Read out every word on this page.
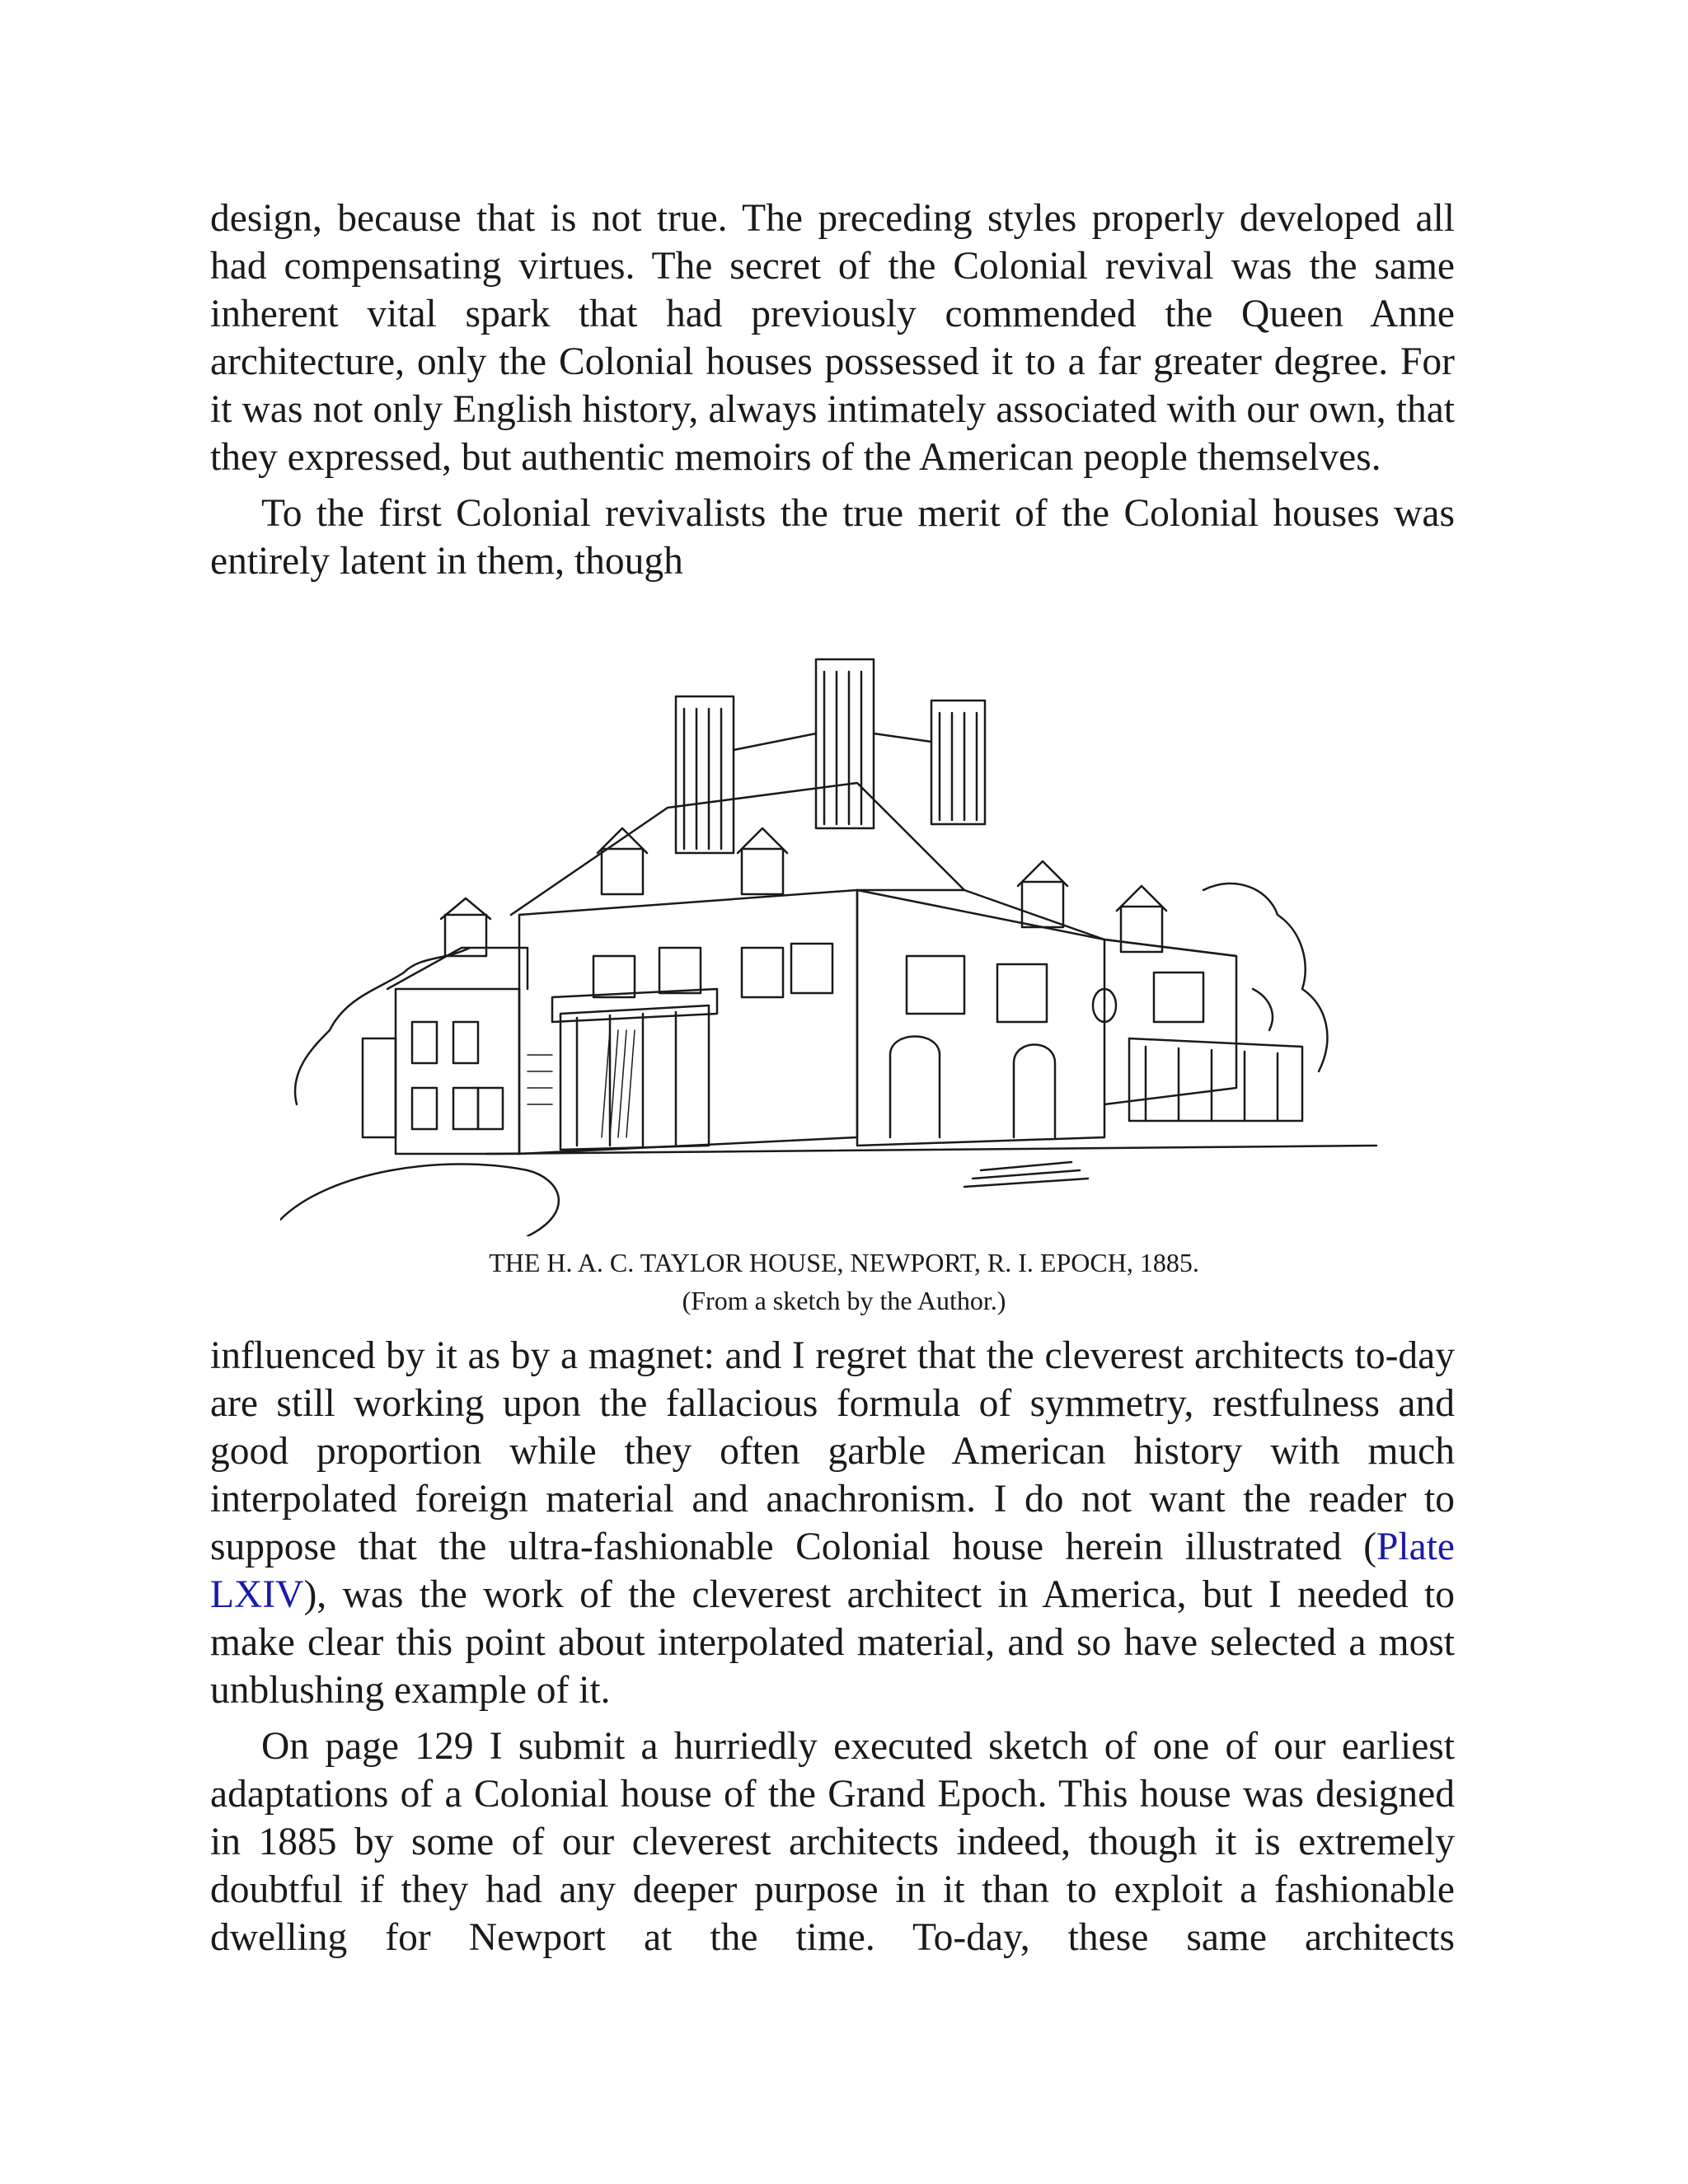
design, because that is not true. The preceding styles properly developed all had compensating virtues. The secret of the Colonial revival was the same inherent vital spark that had previously commended the Queen Anne architecture, only the Colonial houses possessed it to a far greater degree. For it was not only English history, always intimately associated with our own, that they expressed, but authentic memoirs of the American people themselves.

To the first Colonial revivalists the true merit of the Colonial houses was entirely latent in them, though

THE H. A. C. TAYLOR HOUSE, NEWPORT, R. I. EPOCH, 1885.

(From a sketch by the Author.)

influenced by it as by a magnet: and I regret that the cleverest architects to-day are still working upon the fallacious formula of symmetry, restfulness and good proportion while they often garble American history with much interpolated foreign material and anachronism. I do not want the reader to suppose that the ultra-fashionable Colonial house herein illustrated (Plate LXIV), was the work of the cleverest architect in America, but I needed to make clear this point about interpolated material, and so have selected a most unblushing example of it.

On page 129 I submit a hurriedly executed sketch of one of our earliest adaptations of a Colonial house of the Grand Epoch. This house was designed in 1885 by some of our cleverest architects indeed, though it is extremely doubtful if they had any deeper purpose in it than to exploit a fashionable dwelling for Newport at the time. To-day, these same architects
